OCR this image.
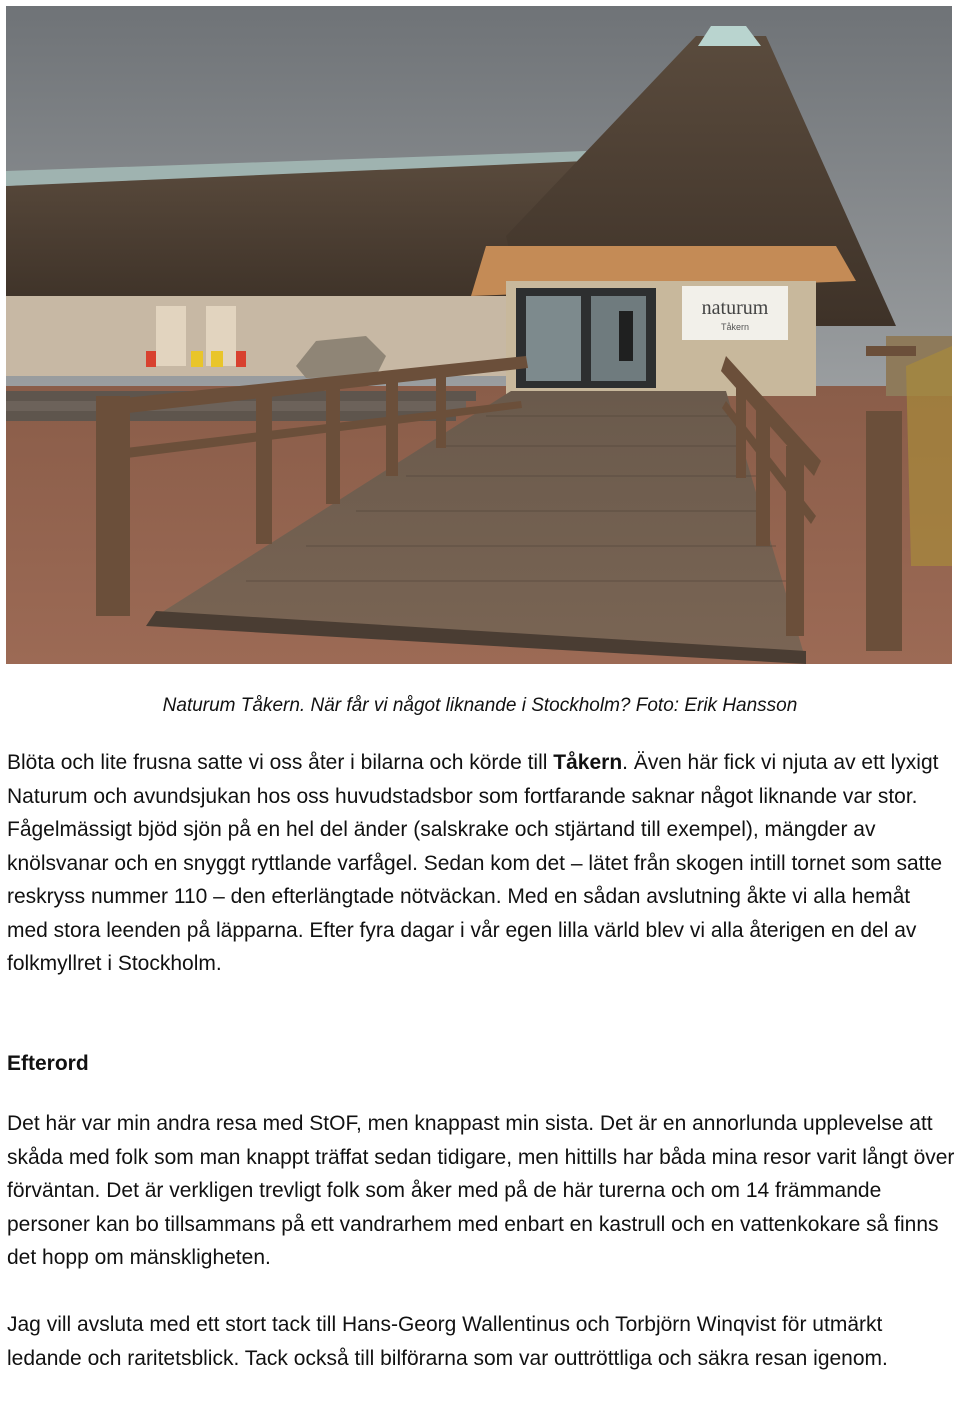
naturum
Tåkern
Naturum Tåkern. När får vi något liknande i Stockholm? Foto: Erik Hansson

Blöta och lite frusna satte vi oss åter i bilarna och körde till Tåkern. Även här fick vi njuta av ett lyxigt Naturum och avundsjukan hos oss huvudstadsbor som fortfarande saknar något liknande var stor. Fågelmässigt bjöd sjön på en hel del änder (salskrake och stjärtand till exempel), mängder av knölsvanar och en snyggt ryttlande varfågel. Sedan kom det – lätet från skogen intill tornet som satte reskryss nummer 110 – den efterlängtade nötväckan. Med en sådan avslutning åkte vi alla hemåt med stora leenden på läpparna. Efter fyra dagar i vår egen lilla värld blev vi alla återigen en del av folkmyllret i Stockholm.

Efterord

Det här var min andra resa med StOF, men knappast min sista. Det är en annorlunda upplevelse att skåda med folk som man knappt träffat sedan tidigare, men hittills har båda mina resor varit långt över förväntan. Det är verkligen trevligt folk som åker med på de här turerna och om 14 främmande personer kan bo tillsammans på ett vandrarhem med enbart en kastrull och en vattenkokare så finns det hopp om mänskligheten.

Jag vill avsluta med ett stort tack till Hans-Georg Wallentinus och Torbjörn Winqvist för utmärkt ledande och raritetsblick. Tack också till bilförarna som var outtröttliga och säkra resan igenom.
